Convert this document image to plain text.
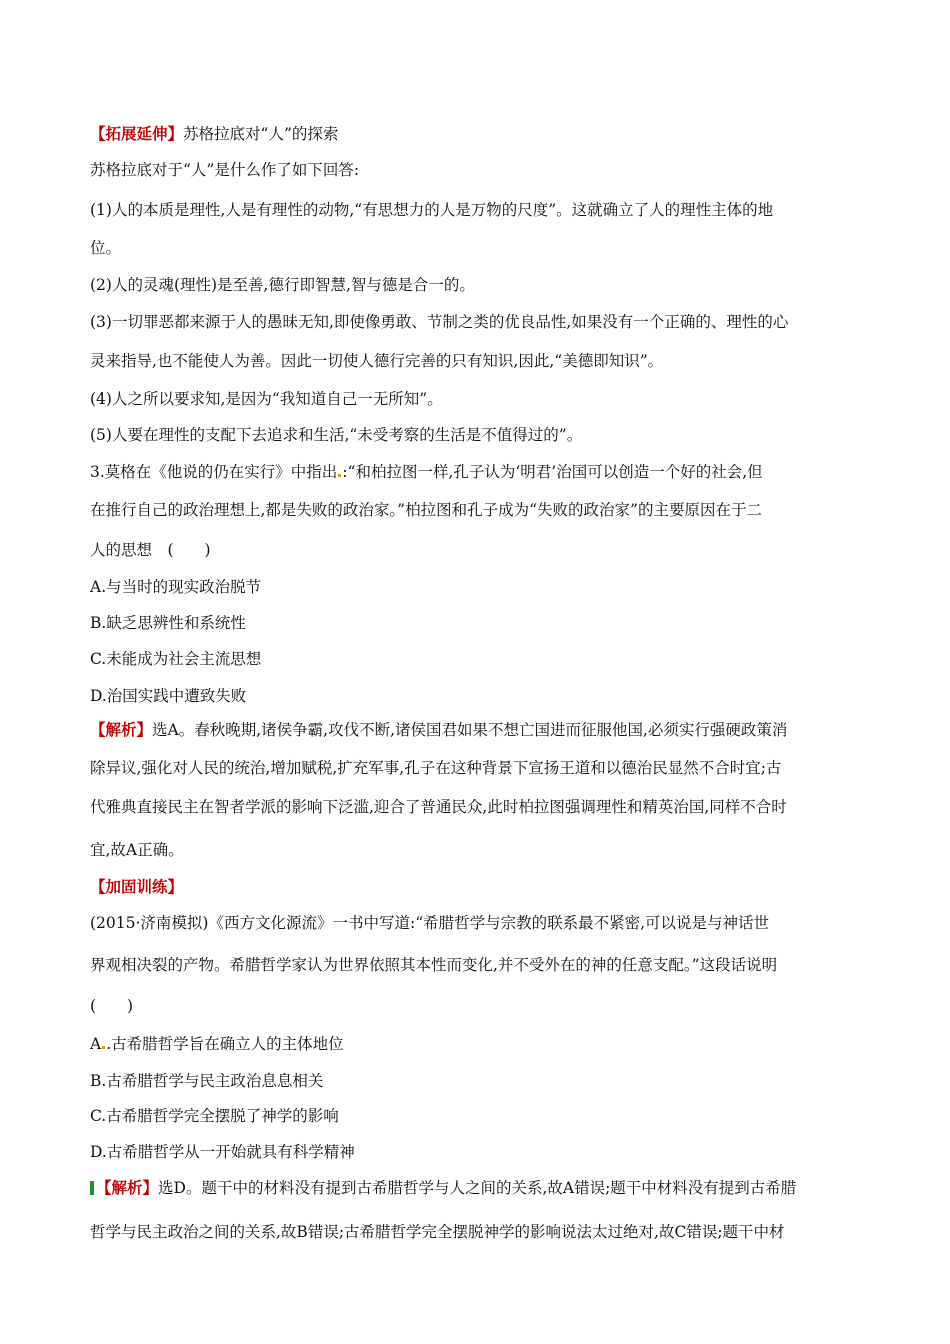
【拓展延伸】苏格拉底对“人”的探索
苏格拉底对于“人”是什么作了如下回答:
(1)人的本质是理性,人是有理性的动物,“有思想力的人是万物的尺度”。这就确立了人的理性主体的地
位。
(2)人的灵魂(理性)是至善,德行即智慧,智与德是合一的。
(3)一切罪恶都来源于人的愚昧无知,即使像勇敢、节制之类的优良品性,如果没有一个正确的、理性的心
灵来指导,也不能使人为善。因此一切使人德行完善的只有知识,因此,“美德即知识”。
(4)人之所以要求知,是因为“我知道自己一无所知”。
(5)人要在理性的支配下去追求和生活,“未受考察的生活是不值得过的”。
3.莫格在《他说的仍在实行》中指出 :“和柏拉图一样,孔子认为‘明君’治国可以创造一个好的社会,但
在推行自己的政治理想上,都是失败的政治家。”柏拉图和孔子成为“失败的政治家”的主要原因在于二
人的思想　(　　)
A.与当时的现实政治脱节
B.缺乏思辨性和系统性
C.未能成为社会主流思想
D.治国实践中遭致失败
【解析】选A。春秋晚期,诸侯争霸,攻伐不断,诸侯国君如果不想亡国进而征服他国,必须实行强硬政策消
除异议,强化对人民的统治,增加赋税,扩充军事,孔子在这种背景下宣扬王道和以德治民显然不合时宜;古
代雅典直接民主在智者学派的影响下泛滥,迎合了普通民众,此时柏拉图强调理性和精英治国,同样不合时
宜,故A正确。
【加固训练】
(2015·济南模拟)《西方文化源流》一书中写道:“希腊哲学与宗教的联系最不紧密,可以说是与神话世
界观相决裂的产物。希腊哲学家认为世界依照其本性而变化,并不受外在的神的任意支配。”这段话说明
(　　)
A .古希腊哲学旨在确立人的主体地位
B.古希腊哲学与民主政治息息相关
C.古希腊哲学完全摆脱了神学的影响
D.古希腊哲学从一开始就具有科学精神
【解析】选D。题干中的材料没有提到古希腊哲学与人之间的关系,故A错误;题干中材料没有提到古希腊
哲学与民主政治之间的关系,故B错误;古希腊哲学完全摆脱神学的影响说法太过绝对,故C错误;题干中材
